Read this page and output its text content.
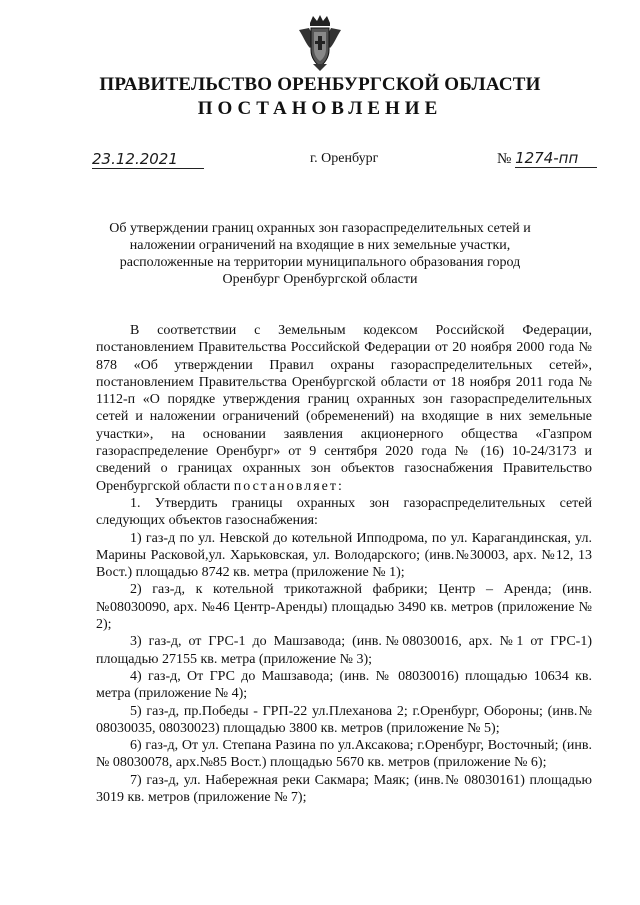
ПРАВИТЕЛЬСТВО ОРЕНБУРГСКОЙ ОБЛАСТИ
ПОСТАНОВЛЕНИЕ
23.12.2021	г. Оренбург	№ 1274-пп
Об утверждении границ охранных зон газораспределительных сетей и наложении ограничений на входящие в них земельные участки, расположенные на территории муниципального образования город Оренбург Оренбургской области

В соответствии с Земельным кодексом Российской Федерации, постановлением Правительства Российской Федерации от 20 ноября 2000 года № 878 «Об утверждении Правил охраны газораспределительных сетей», постановлением Правительства Оренбургской области от 18 ноября 2011 года № 1112-п «О порядке утверждения границ охранных зон газораспределительных сетей и наложении ограничений (обременений) на входящие в них земельные участки», на основании заявления акционерного общества «Газпром газораспределение Оренбург» от 9 сентября 2020 года № (16) 10-24/3173 и сведений о границах охранных зон объектов газоснабжения Правительство Оренбургской области постановляет:

1. Утвердить границы охранных зон газораспределительных сетей следующих объектов газоснабжения:

1) газ-д по ул. Невской до котельной Ипподрома, по ул. Карагандинская, ул. Марины Расковой,ул. Харьковская, ул. Володарского; (инв.№30003, арх. №12, 13 Вост.) площадью 8742 кв. метра (приложение № 1);

2) газ-д, к котельной трикотажной фабрики; Центр – Аренда; (инв.№08030090, арх. №46 Центр-Аренды) площадью 3490 кв. метров (приложение № 2);

3) газ-д, от ГРС-1 до Машзавода; (инв.№08030016, арх. №1 от ГРС-1) площадью 27155 кв. метра (приложение № 3);

4) газ-д, От ГРС до Машзавода; (инв. № 08030016) площадью 10634 кв. метра (приложение № 4);

5) газ-д, пр.Победы - ГРП-22 ул.Плеханова 2; г.Оренбург, Обороны; (инв.№ 08030035, 08030023) площадью 3800 кв. метров (приложение № 5);

6) газ-д, От ул. Степана Разина по ул.Аксакова; г.Оренбург, Восточный; (инв.№ 08030078, арх.№85 Вост.) площадью 5670 кв. метров (приложение № 6);

7) газ-д, ул. Набережная реки Сакмара; Маяк; (инв.№ 08030161) площадью 3019 кв. метров (приложение № 7);
